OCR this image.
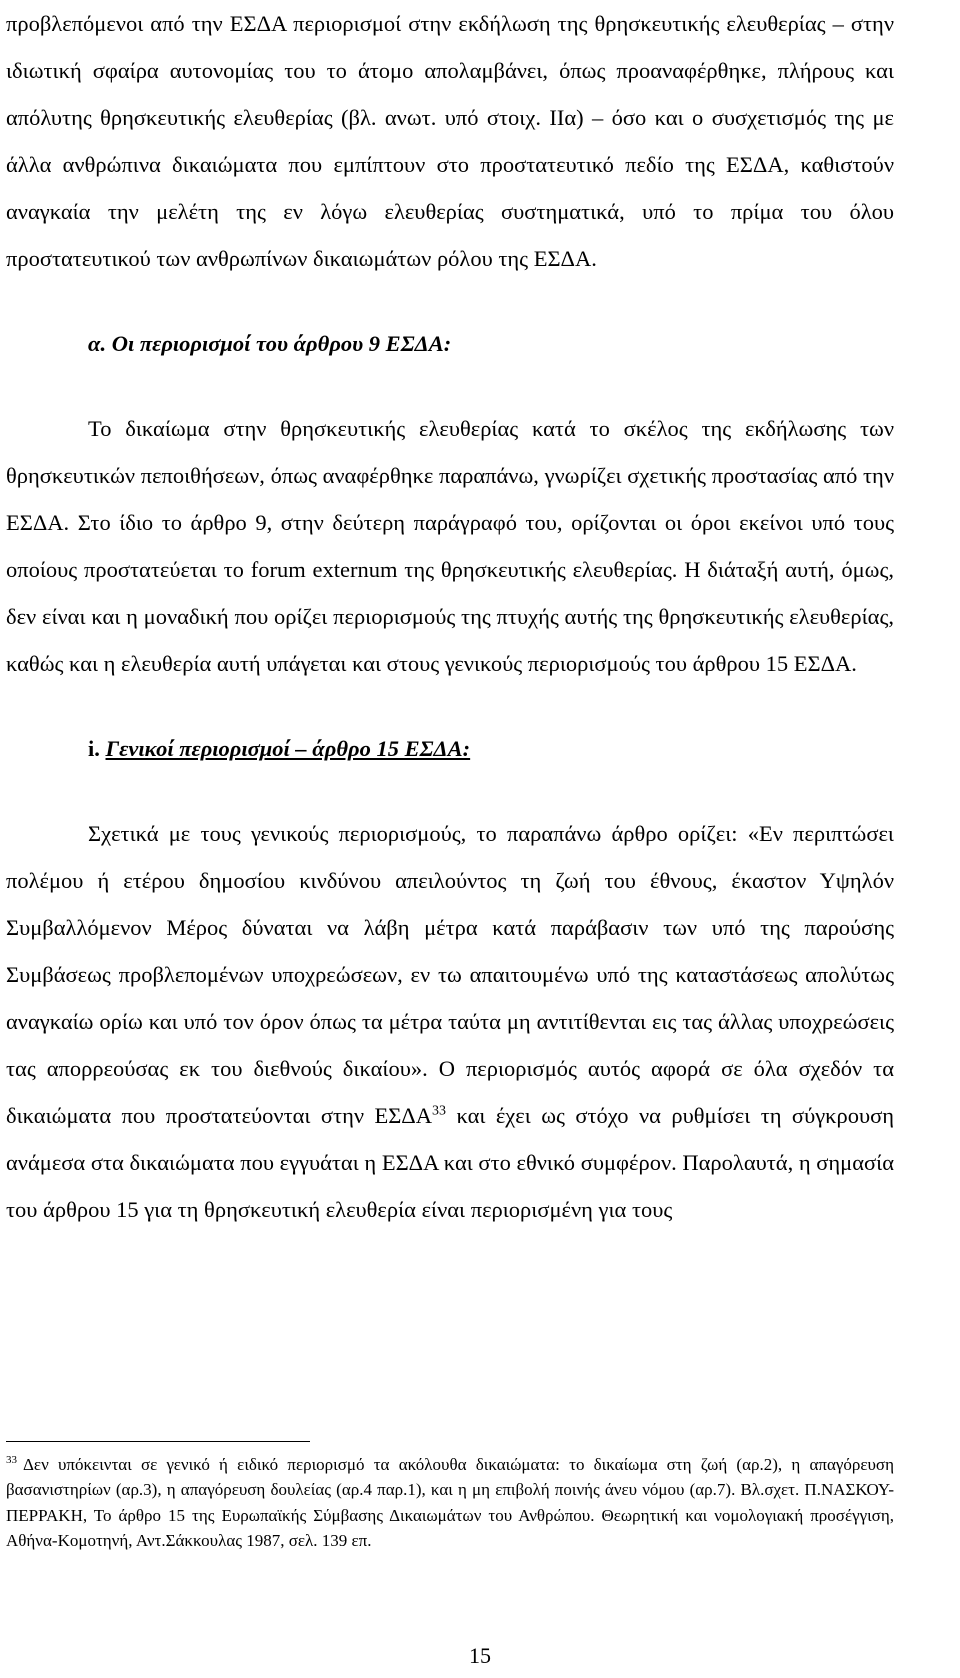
προβλεπόμενοι από την ΕΣΔΑ περιορισμοί στην εκδήλωση της θρησκευτικής ελευθερίας – στην ιδιωτική σφαίρα αυτονομίας του το άτομο απολαμβάνει, όπως προαναφέρθηκε, πλήρους και απόλυτης θρησκευτικής ελευθερίας (βλ. ανωτ. υπό στοιχ. ΙΙα) – όσο και ο συσχετισμός της με άλλα ανθρώπινα δικαιώματα που εμπίπτουν στο προστατευτικό πεδίο της ΕΣΔΑ, καθιστούν αναγκαία την μελέτη της εν λόγω ελευθερίας συστηματικά, υπό το πρίμα του όλου προστατευτικού των ανθρωπίνων δικαιωμάτων ρόλου της ΕΣΔΑ.

α. Οι περιορισμοί του άρθρου 9 ΕΣΔΑ:

Το δικαίωμα στην θρησκευτικής ελευθερίας κατά το σκέλος της εκδήλωσης των θρησκευτικών πεποιθήσεων, όπως αναφέρθηκε παραπάνω, γνωρίζει σχετικής προστασίας από την ΕΣΔΑ. Στο ίδιο το άρθρο 9, στην δεύτερη παράγραφό του, ορίζονται οι όροι εκείνοι υπό τους οποίους προστατεύεται το forum externum της θρησκευτικής ελευθερίας. Η διάταξή αυτή, όμως, δεν είναι και η μοναδική που ορίζει περιορισμούς της πτυχής αυτής της θρησκευτικής ελευθερίας, καθώς και η ελευθερία αυτή υπάγεται και στους γενικούς περιορισμούς του άρθρου 15 ΕΣΔΑ.

i. Γενικοί περιορισμοί – άρθρο 15 ΕΣΔΑ:

Σχετικά με τους γενικούς περιορισμούς, το παραπάνω άρθρο ορίζει: «Εν περιπτώσει πολέμου ή ετέρου δημοσίου κινδύνου απειλούντος τη ζωή του έθνους, έκαστον Υψηλόν Συμβαλλόμενον Μέρος δύναται να λάβη μέτρα κατά παράβασιν των υπό της παρούσης Συμβάσεως προβλεπομένων υποχρεώσεων, εν τω απαιτουμένω υπό της καταστάσεως απολύτως αναγκαίω ορίω και υπό τον όρον όπως τα μέτρα ταύτα μη αντιτίθενται εις τας άλλας υποχρεώσεις τας απορρεούσας εκ του διεθνούς δικαίου». Ο περιορισμός αυτός αφορά σε όλα σχεδόν τα δικαιώματα που προστατεύονται στην ΕΣΔΑ$^{33}$ και έχει ως στόχο να ρυθμίσει τη σύγκρουση ανάμεσα στα δικαιώματα που εγγυάται η ΕΣΔΑ και στο εθνικό συμφέρον. Παρολαυτά, η σημασία του άρθρου 15 για τη θρησκευτική ελευθερία είναι περιορισμένη για τους

$^{33}$ Δεν υπόκεινται σε γενικό ή ειδικό περιορισμό τα ακόλουθα δικαιώματα: το δικαίωμα στη ζωή (αρ.2), η απαγόρευση βασανιστηρίων (αρ.3), η απαγόρευση δουλείας (αρ.4 παρ.1), και η μη επιβολή ποινής άνευ νόμου (αρ.7). Βλ.σχετ. Π.ΝΑΣΚΟΥ-ΠΕΡΡΑΚΗ, Το άρθρο 15 της Ευρωπαϊκής Σύμβασης Δικαιωμάτων του Ανθρώπου. Θεωρητική και νομολογιακή προσέγγιση, Αθήνα-Κομοτηνή, Αντ.Σάκκουλας 1987, σελ. 139 επ.

15
